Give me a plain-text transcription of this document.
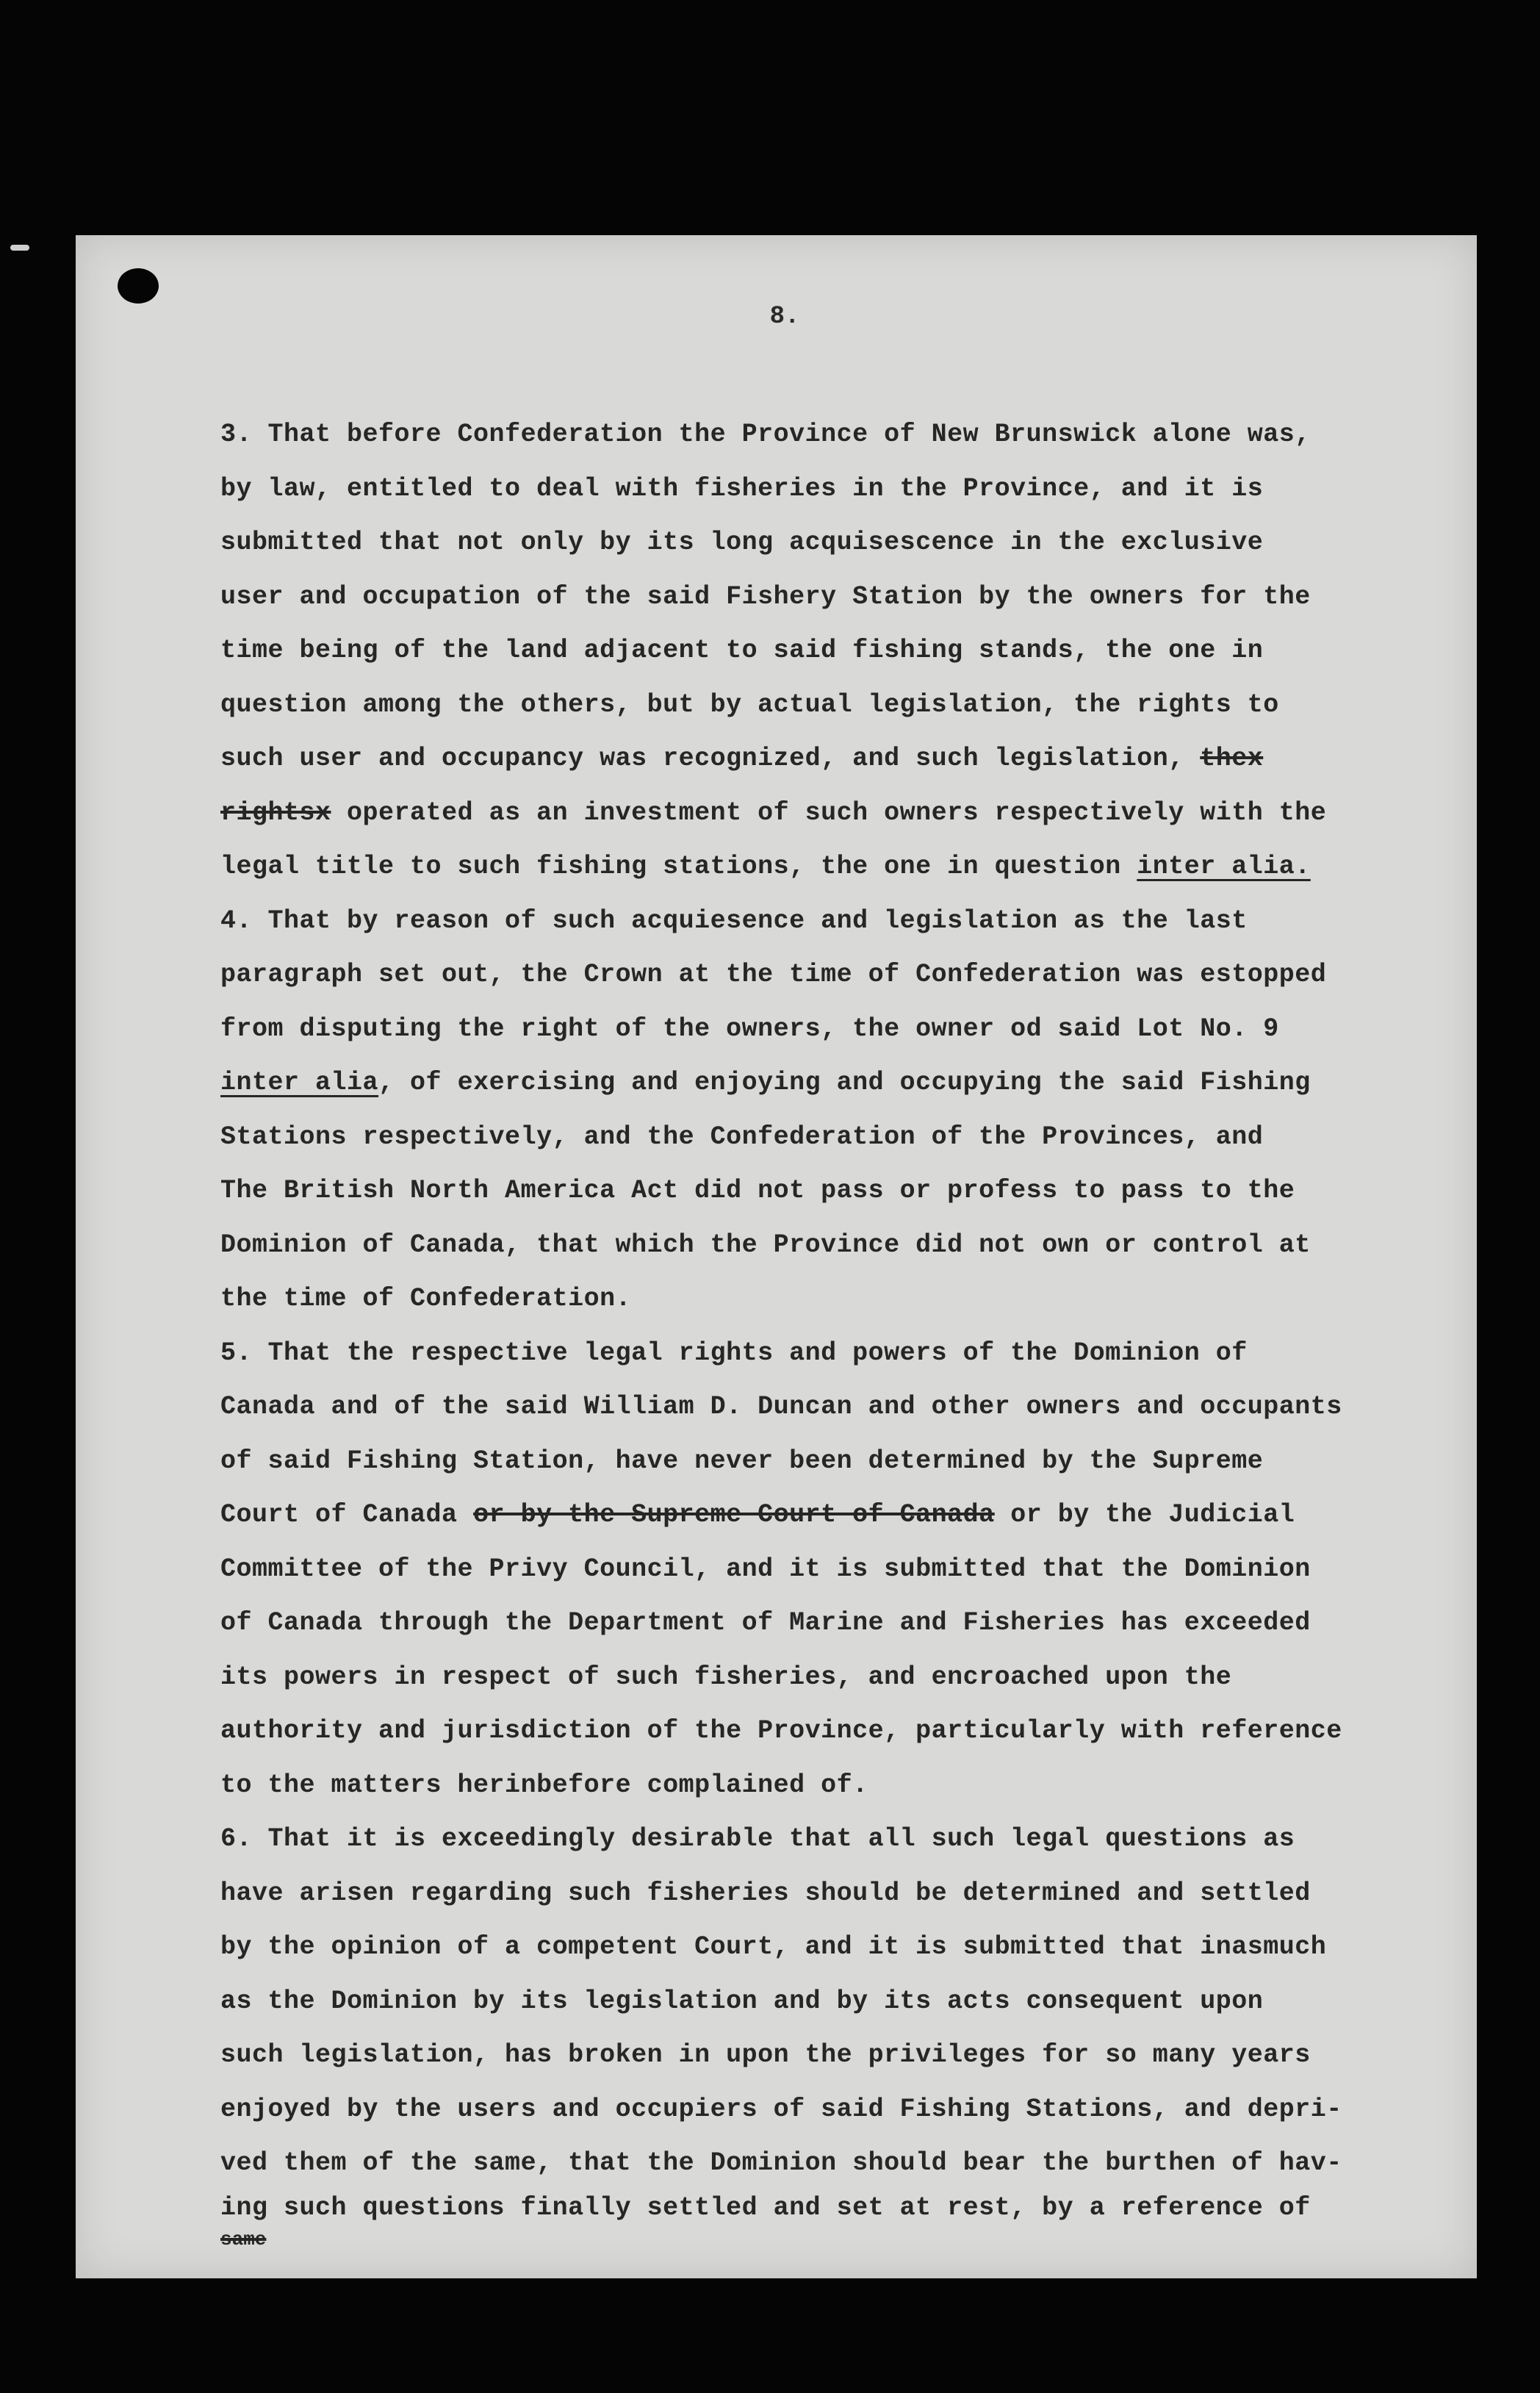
8.
3. That before Confederation the Province of New Brunswick alone was,
by law, entitled to deal with fisheries in the Province, and it is
submitted that not only by its long acquisescence in the exclusive
user and occupation of the said Fishery Station by the owners for the
time being of the land adjacent to said fishing stands, the one in
question among the others, but by actual legislation, the rights to
such user and occupancy was recognized, and such legislation, thex
rightsx operated as an investment of such owners respectively with the
legal title to such fishing stations, the one in question inter alia.
4. That by reason of such acquiesence and legislation as the last
paragraph set out, the Crown at the time of Confederation was estopped
from disputing the right of the owners, the owner od said Lot No. 9
inter alia, of exercising and enjoying and occupying the said Fishing
Stations respectively, and the Confederation of the Provinces, and
The British North America Act did not pass or profess to pass to the
Dominion of Canada, that which the Province did not own or control at
the time of Confederation.
5. That the respective legal rights and powers of the Dominion of
Canada and of the said William D. Duncan and other owners and occupants
of said Fishing Station, have never been determined by the Supreme
Court of Canada or by the Supreme Court of Canada or by the Judicial
Committee of the Privy Council, and it is submitted that the Dominion
of Canada through the Department of Marine and Fisheries has exceeded
its powers in respect of such fisheries, and encroached upon the
authority and jurisdiction of the Province, particularly with reference
to the matters herinbefore complained of.
6. That it is exceedingly desirable that all such legal questions as
have arisen regarding such fisheries should be determined and settled
by the opinion of a competent Court, and it is submitted that inasmuch
as the Dominion by its legislation and by its acts consequent upon
such legislation, has broken in upon the privileges for so many years
enjoyed by the users and occupiers of said Fishing Stations, and depri-
ved them of the same, that the Dominion should bear the burthen of hav-
ing such questions finally settled and set at rest, by a reference of
same
